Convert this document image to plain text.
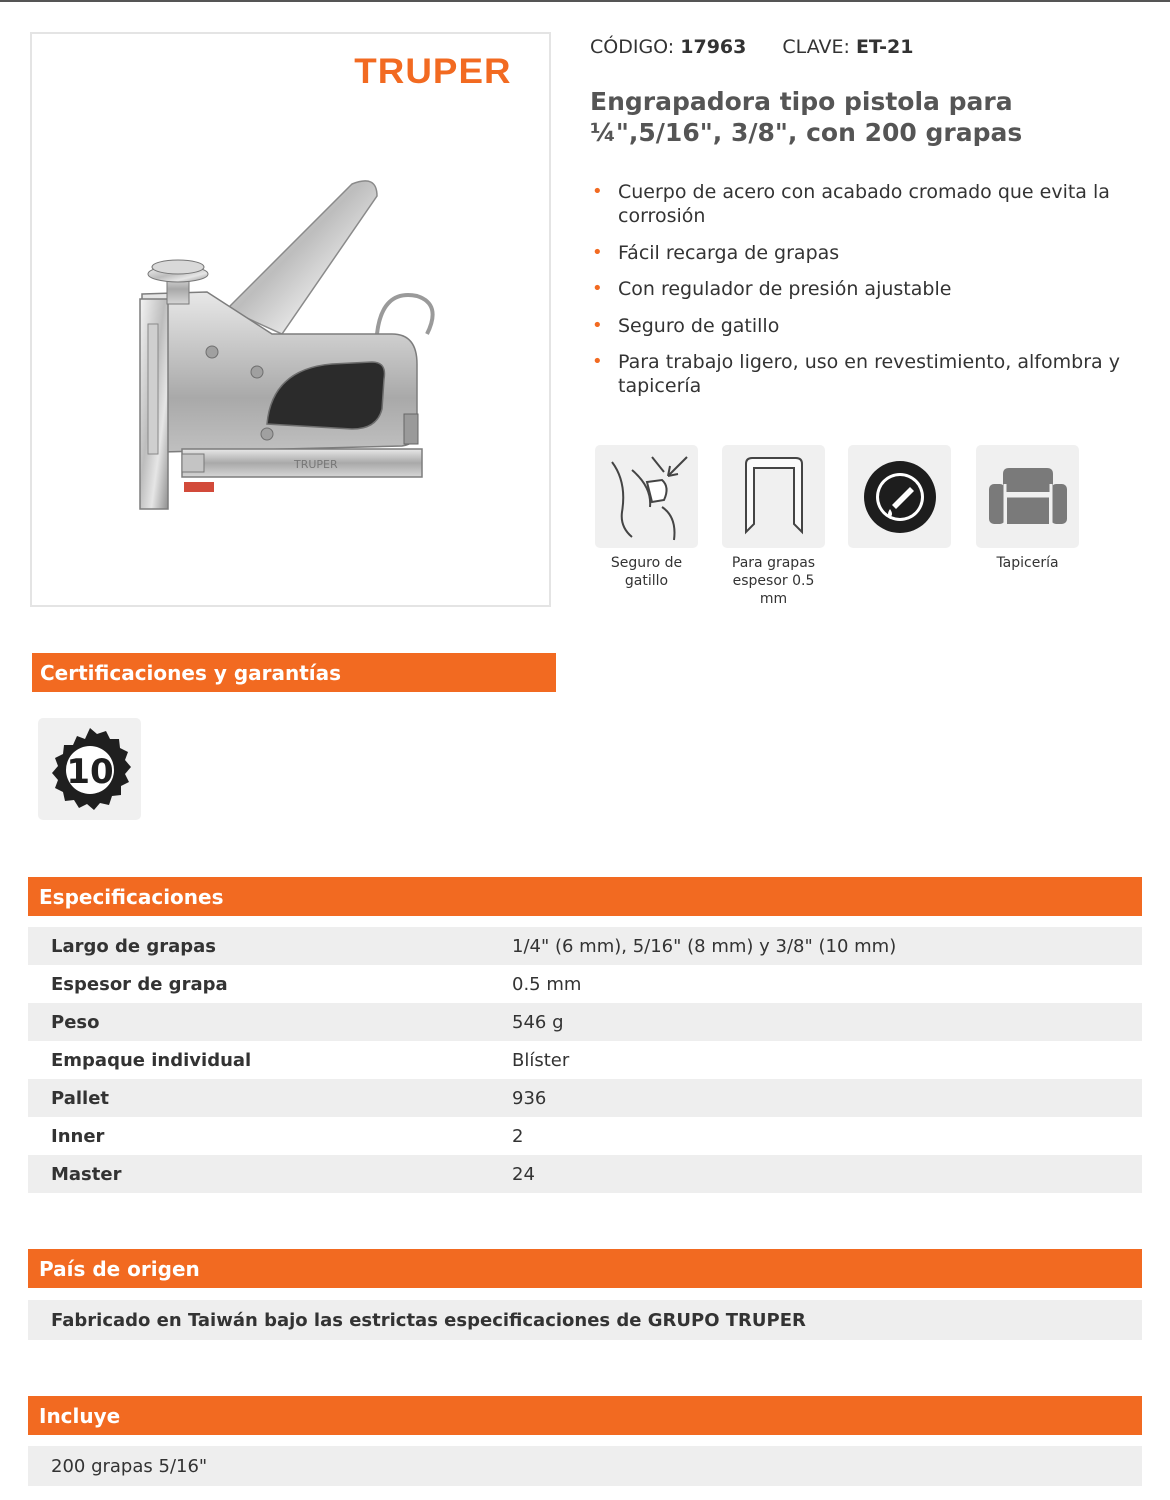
TRUPER
TRUPER
CÓDIGO: 17963 CLAVE: ET-21
Engrapadora tipo pistola para ¼",5/16", 3/8", con 200 grapas
• Cuerpo de acero con acabado cromado que evita la corrosión
• Fácil recarga de grapas
• Con regulador de presión ajustable
• Seguro de gatillo
• Para trabajo ligero, uso en revestimiento, alfombra y tapicería
Seguro de gatillo
Para grapas espesor 0.5 mm
Tapicería
Certificaciones y garantías
10
Especificaciones
Largo de grapas	1/4" (6 mm), 5/16" (8 mm) y 3/8" (10 mm)
Espesor de grapa	0.5 mm
Peso	546 g
Empaque individual	Blíster
Pallet	936
Inner	2
Master	24
País de origen
Fabricado en Taiwán bajo las estrictas especificaciones de GRUPO TRUPER
Incluye
200 grapas 5/16"
